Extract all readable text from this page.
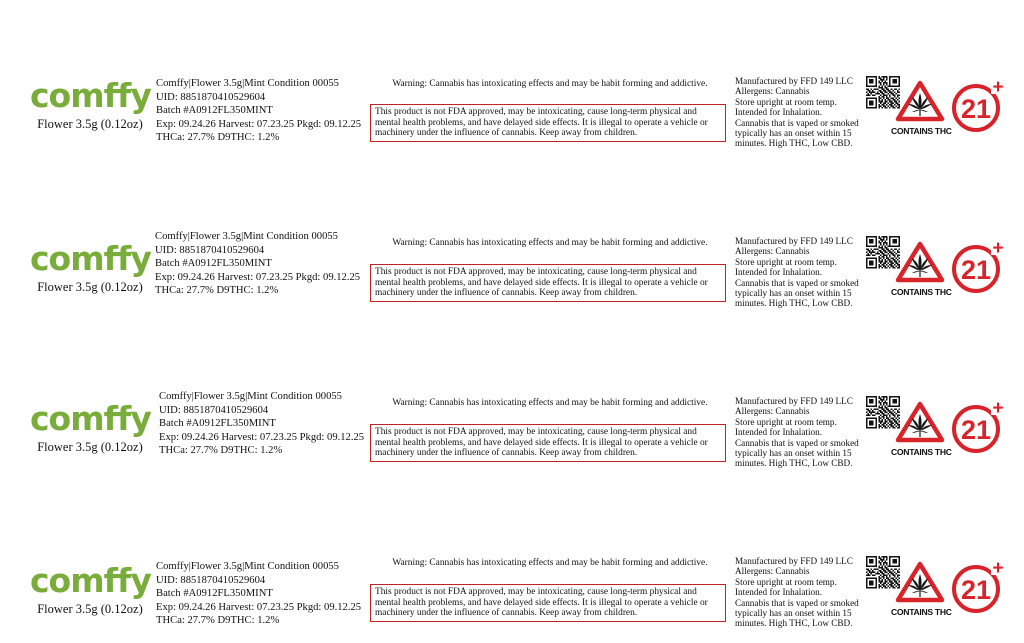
comffy
Flower 3.5g (0.12oz)
Comffy|Flower 3.5g|Mint Condition 00055
UID: 8851870410529604
Batch #A0912FL350MINT
Exp: 09.24.26 Harvest: 07.23.25 Pkgd: 09.12.25
THCa: 27.7% D9THC: 1.2%
Warning: Cannabis has intoxicating effects and may be habit forming and addictive.
This product is not FDA approved, may be intoxicating, cause long-term physical and mental health problems, and have delayed side effects. It is illegal to operate a vehicle or machinery under the influence of cannabis. Keep away from children.
Manufactured by FFD 149 LLC
Allergens: Cannabis
Store upright at room temp.
Intended for Inhalation.
Cannabis that is vaped or smoked
typically has an onset within 15
minutes. High THC, Low CBD.
CONTAINS THC
21
+
comffy
Flower 3.5g (0.12oz)
Comffy|Flower 3.5g|Mint Condition 00055
UID: 8851870410529604
Batch #A0912FL350MINT
Exp: 09.24.26 Harvest: 07.23.25 Pkgd: 09.12.25
THCa: 27.7% D9THC: 1.2%
Warning: Cannabis has intoxicating effects and may be habit forming and addictive.
This product is not FDA approved, may be intoxicating, cause long-term physical and mental health problems, and have delayed side effects. It is illegal to operate a vehicle or machinery under the influence of cannabis. Keep away from children.
Manufactured by FFD 149 LLC
Allergens: Cannabis
Store upright at room temp.
Intended for Inhalation.
Cannabis that is vaped or smoked
typically has an onset within 15
minutes. High THC, Low CBD.
CONTAINS THC
21
+
comffy
Flower 3.5g (0.12oz)
Comffy|Flower 3.5g|Mint Condition 00055
UID: 8851870410529604
Batch #A0912FL350MINT
Exp: 09.24.26 Harvest: 07.23.25 Pkgd: 09.12.25
THCa: 27.7% D9THC: 1.2%
Warning: Cannabis has intoxicating effects and may be habit forming and addictive.
This product is not FDA approved, may be intoxicating, cause long-term physical and mental health problems, and have delayed side effects. It is illegal to operate a vehicle or machinery under the influence of cannabis. Keep away from children.
Manufactured by FFD 149 LLC
Allergens: Cannabis
Store upright at room temp.
Intended for Inhalation.
Cannabis that is vaped or smoked
typically has an onset within 15
minutes. High THC, Low CBD.
CONTAINS THC
21
+
comffy
Flower 3.5g (0.12oz)
Comffy|Flower 3.5g|Mint Condition 00055
UID: 8851870410529604
Batch #A0912FL350MINT
Exp: 09.24.26 Harvest: 07.23.25 Pkgd: 09.12.25
THCa: 27.7% D9THC: 1.2%
Warning: Cannabis has intoxicating effects and may be habit forming and addictive.
This product is not FDA approved, may be intoxicating, cause long-term physical and mental health problems, and have delayed side effects. It is illegal to operate a vehicle or machinery under the influence of cannabis. Keep away from children.
Manufactured by FFD 149 LLC
Allergens: Cannabis
Store upright at room temp.
Intended for Inhalation.
Cannabis that is vaped or smoked
typically has an onset within 15
minutes. High THC, Low CBD.
CONTAINS THC
21
+
